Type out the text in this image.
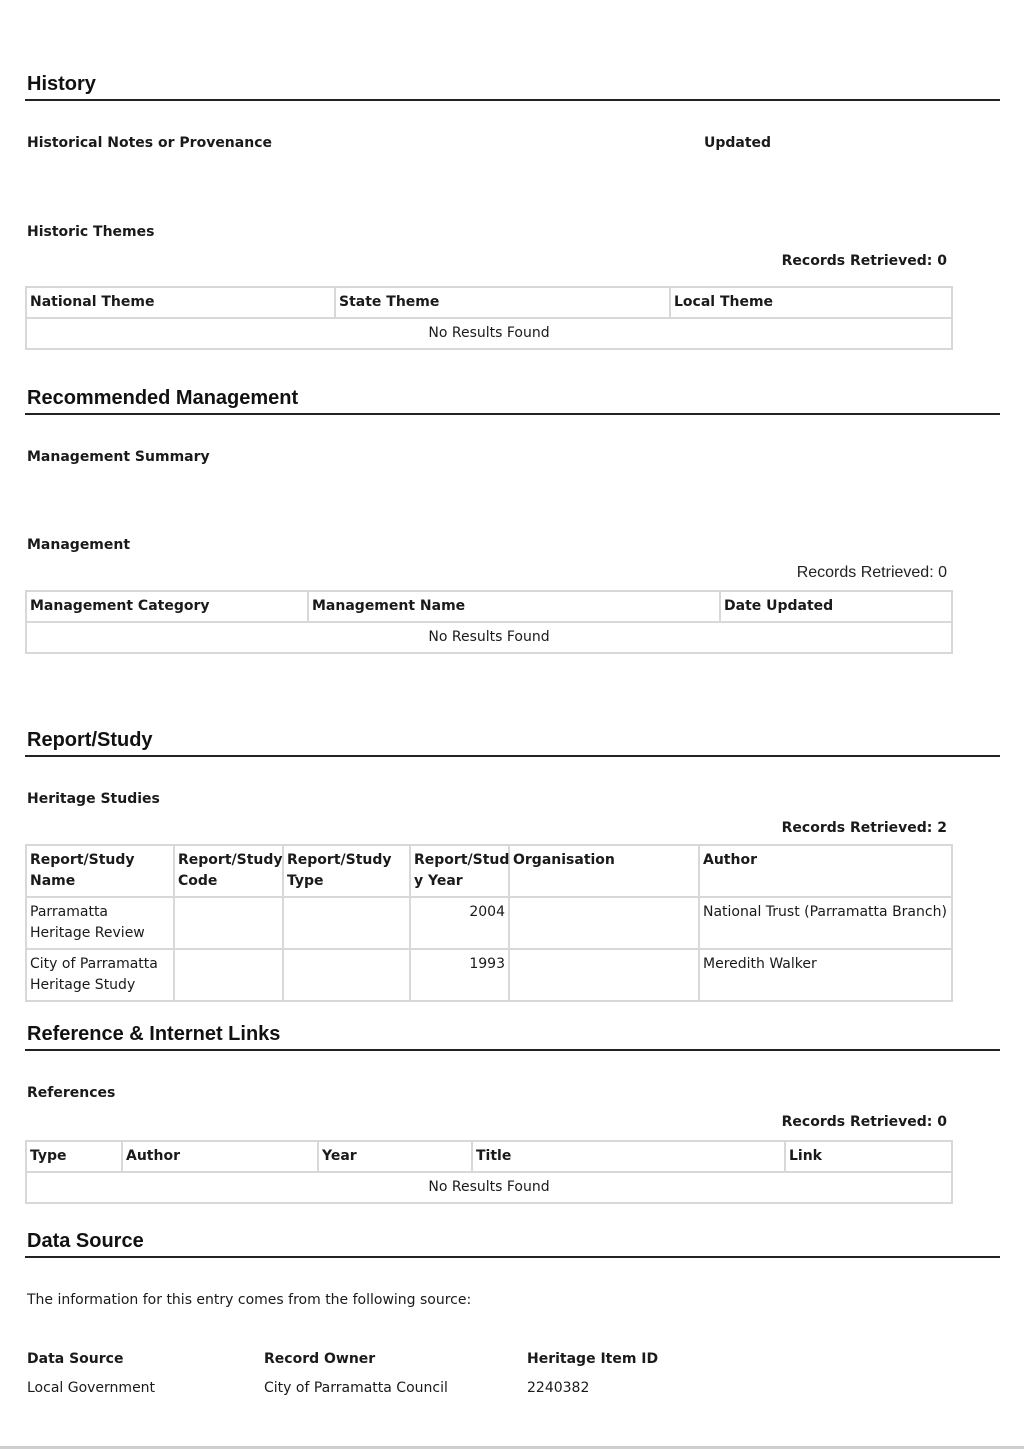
History
Historical Notes or Provenance	Updated
Historic Themes
Records Retrieved: 0
National Theme	State Theme	Local Theme
No Results Found
Recommended Management
Management Summary
Management
Records Retrieved: 0
Management Category	Management Name	Date Updated
No Results Found
Report/Study
Heritage Studies
Records Retrieved: 2
Report/Study Name	Report/Study Code	Report/Study Type	Report/Stud y Year	Organisation	Author
Parramatta Heritage Review			2004		National Trust (Parramatta Branch)
City of Parramatta Heritage Study			1993		Meredith Walker
Reference & Internet Links
References
Records Retrieved: 0
Type	Author	Year	Title	Link
No Results Found
Data Source
The information for this entry comes from the following source:
Data Source
Local Government
Record Owner
City of Parramatta Council
Heritage Item ID
2240382
